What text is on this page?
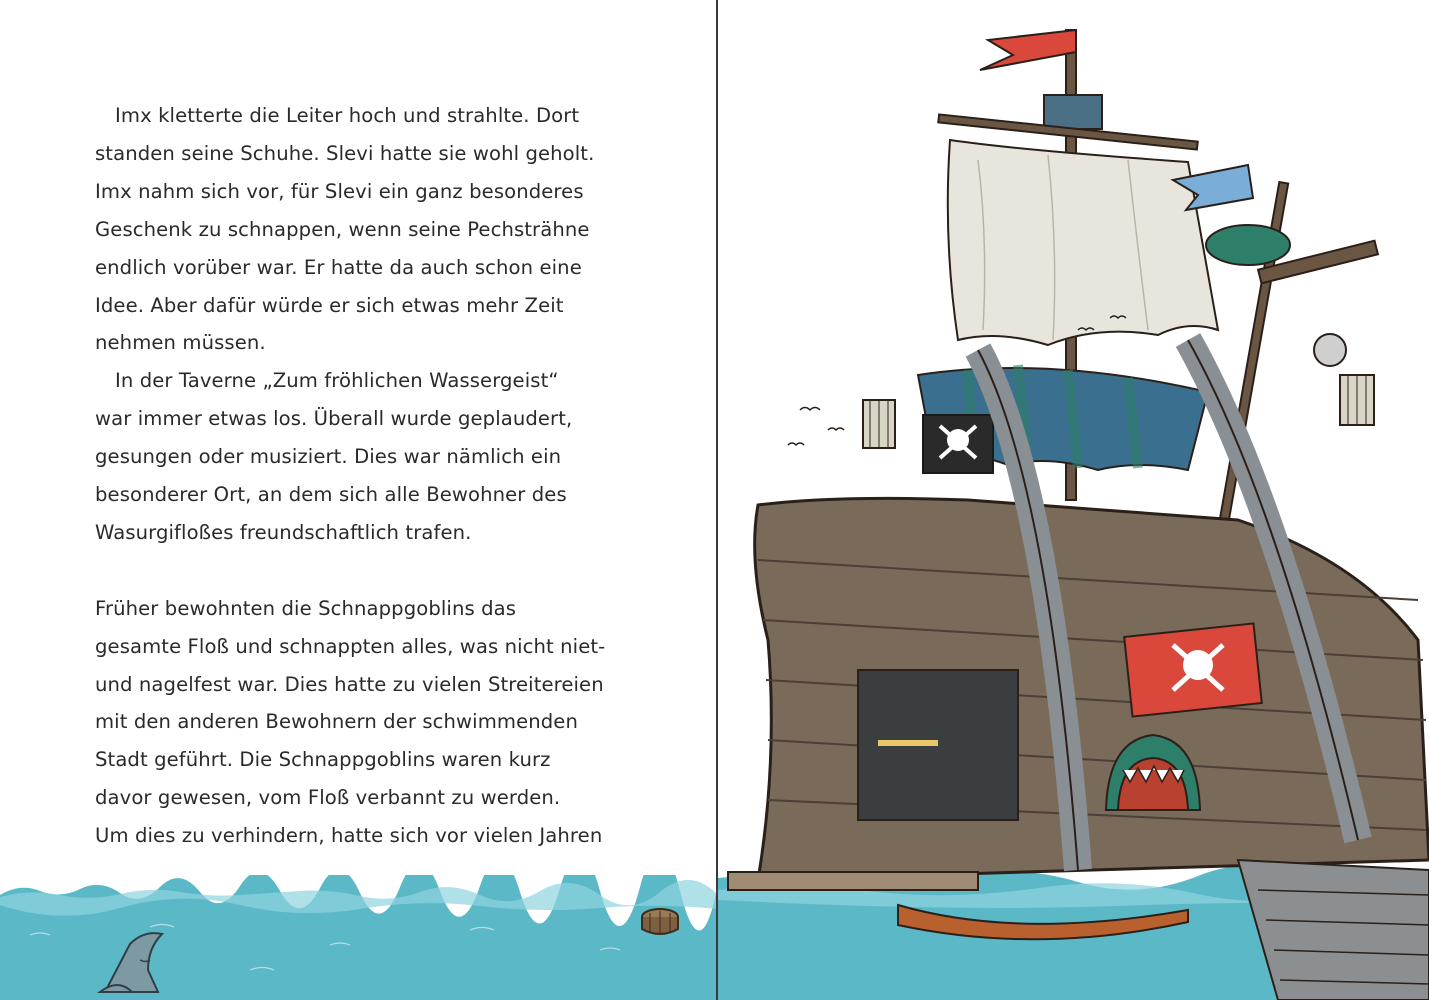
Imx kletterte die Leiter hoch und strahlte. Dort
standen seine Schuhe. Slevi hatte sie wohl geholt.
Imx nahm sich vor, für Slevi ein ganz besonderes
Geschenk zu schnappen, wenn seine Pechsträhne
endlich vorüber war. Er hatte da auch schon eine
Idee. Aber dafür würde er sich etwas mehr Zeit
nehmen müssen.

In der Taverne „Zum fröhlichen Wassergeist“
war immer etwas los. Überall wurde geplaudert,
gesungen oder musiziert. Dies war nämlich ein
besonderer Ort, an dem sich alle Bewohner des
Wasurgifloßes freundschaftlich trafen.

Früher bewohnten die Schnappgoblins das
gesamte Floß und schnappten alles, was nicht niet-
und nagelfest war. Dies hatte zu vielen Streitereien
mit den anderen Bewohnern der schwimmenden
Stadt geführt. Die Schnappgoblins waren kurz
davor gewesen, vom Floß verbannt zu werden.
Um dies zu verhindern, hatte sich vor vielen Jahren
